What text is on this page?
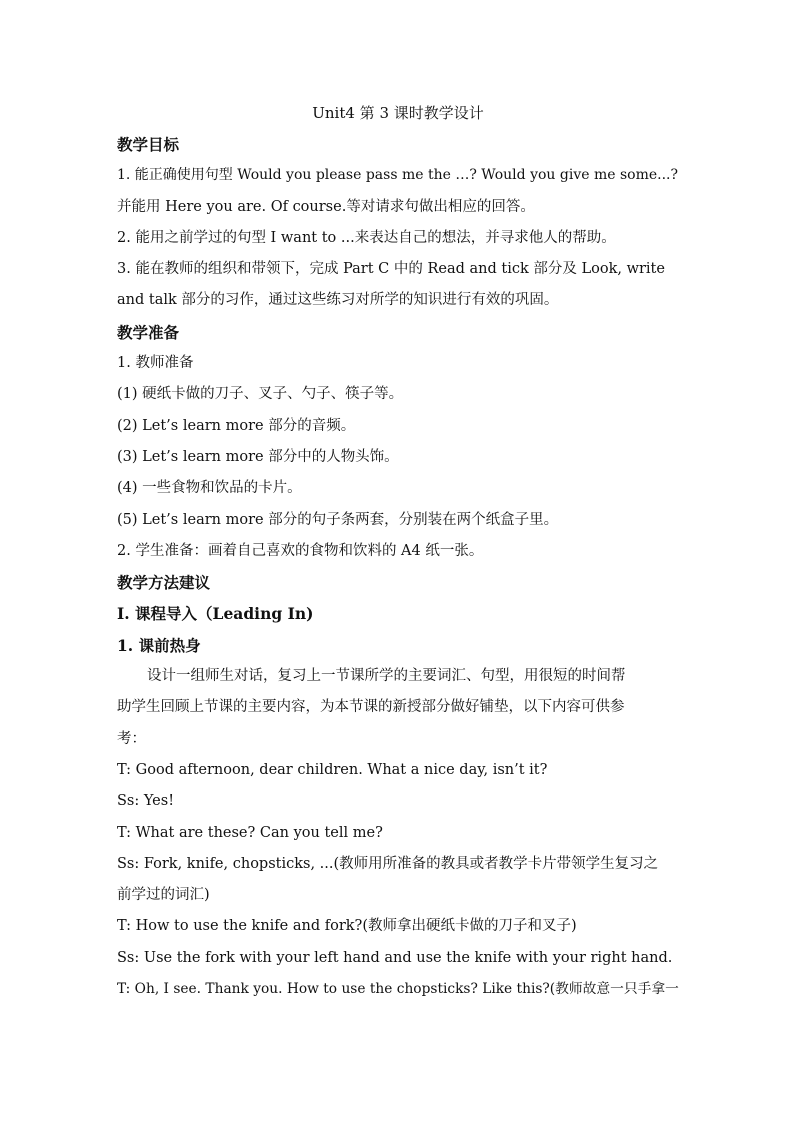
Unit4 第 3 课时教学设计
教学目标
1. 能正确使用句型 Would you please pass me the …? Would you give me some...?
并能用 Here you are. Of course.等对请求句做出相应的回答。
2. 能用之前学过的句型 I want to ...来表达自己的想法，并寻求他人的帮助。
3. 能在教师的组织和带领下，完成 Part C 中的 Read and tick 部分及 Look, write
and talk 部分的习作，通过这些练习对所学的知识进行有效的巩固。
教学准备
1. 教师准备
(1) 硬纸卡做的刀子、叉子、勺子、筷子等。
(2) Let’s learn more 部分的音频。
(3) Let’s learn more 部分中的人物头饰。
(4) 一些食物和饮品的卡片。
(5) Let’s learn more 部分的句子条两套，分别装在两个纸盒子里。
2. 学生准备：画着自己喜欢的食物和饮料的 A4 纸一张。
教学方法建议
I. 课程导入（Leading In)
1. 课前热身
设计一组师生对话，复习上一节课所学的主要词汇、句型，用很短的时间帮
助学生回顾上节课的主要内容，为本节课的新授部分做好铺垫，以下内容可供参
考：
T: Good afternoon, dear children. What a nice day, isn’t it?
Ss: Yes!
T: What are these? Can you tell me?
Ss: Fork, knife, chopsticks, ...(教师用所准备的教具或者教学卡片带领学生复习之
前学过的词汇)
T: How to use the knife and fork?(教师拿出硬纸卡做的刀子和叉子)
Ss: Use the fork with your left hand and use the knife with your right hand.
T: Oh, I see. Thank you. How to use the chopsticks? Like this?(教师故意一只手拿一
